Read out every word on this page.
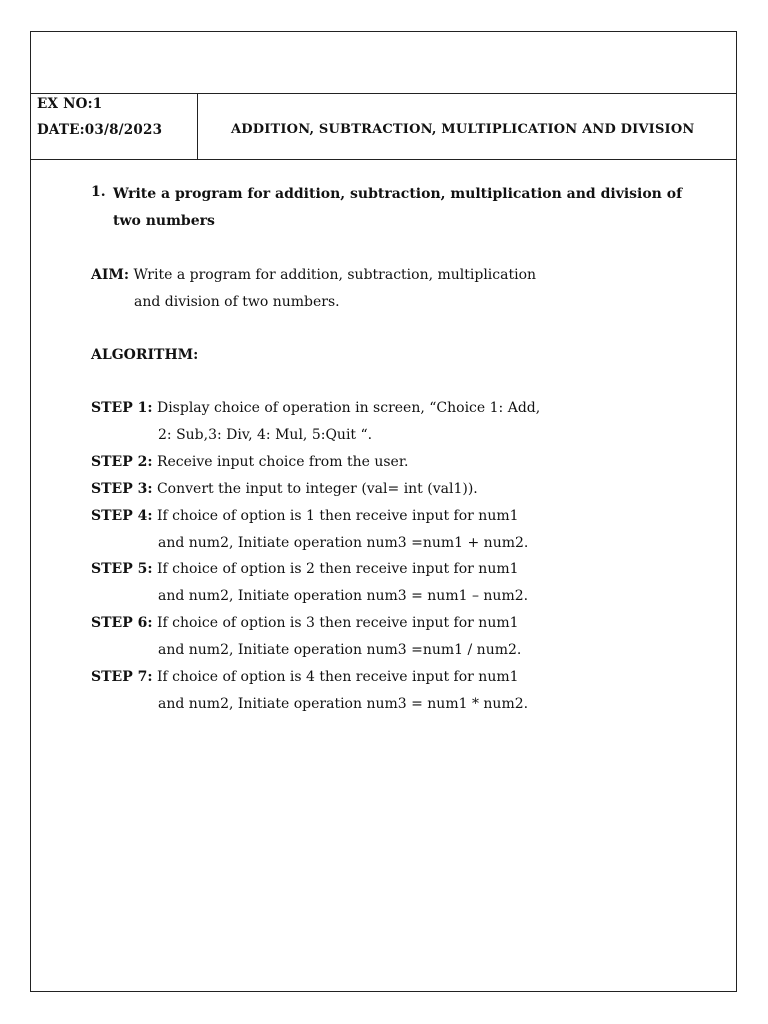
EX NO:1
DATE:03/8/2023	ADDITION, SUBTRACTION, MULTIPLICATION AND DIVISION
1. Write a program for addition, subtraction, multiplication and division of
two numbers
AIM: Write a program for addition, subtraction, multiplication
and division of two numbers.
ALGORITHM:
STEP 1: Display choice of operation in screen, “Choice 1: Add,
2: Sub,3: Div, 4: Mul, 5:Quit “.
STEP 2: Receive input choice from the user.
STEP 3: Convert the input to integer (val= int (val1)).
STEP 4: If choice of option is 1 then receive input for num1
and num2, Initiate operation num3 =num1 + num2.
STEP 5: If choice of option is 2 then receive input for num1
and num2, Initiate operation num3 = num1 – num2.
STEP 6: If choice of option is 3 then receive input for num1
and num2, Initiate operation num3 =num1 / num2.
STEP 7: If choice of option is 4 then receive input for num1
and num2, Initiate operation num3 = num1 * num2.
